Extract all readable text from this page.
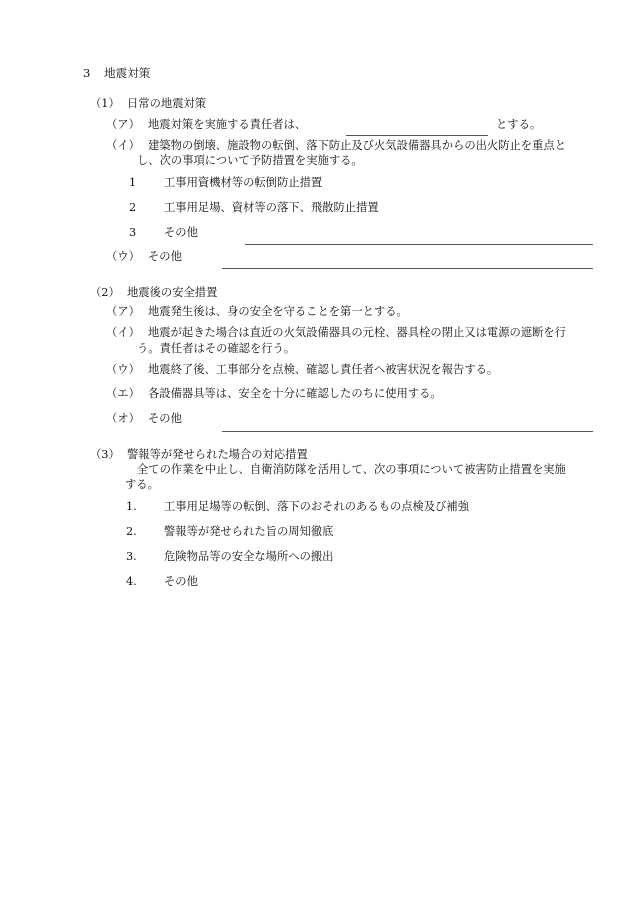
3 地震対策
（1） 日常の地震対策
（ア） 地震対策を実施する責任者は、	とする。
（イ） 建築物の倒壊、施設物の転倒、落下防止及び火気設備器具からの出火防止を重点と
し、次の事項について予防措置を実施する。
1 工事用資機材等の転倒防止措置
2 工事用足場、資材等の落下、飛散防止措置
3 その他
（ウ） その他
（2） 地震後の安全措置
（ア） 地震発生後は、身の安全を守ることを第一とする。
（イ） 地震が起きた場合は直近の火気設備器具の元栓、器具栓の閉止又は電源の遮断を行
う。責任者はその確認を行う。
（ウ） 地震終了後、工事部分を点検、確認し責任者へ被害状況を報告する。
（エ） 各設備器具等は、安全を十分に確認したのちに使用する。
（オ） その他
（3） 警報等が発せられた場合の対応措置
全ての作業を中止し、自衛消防隊を活用して、次の事項について被害防止措置を実施
する。
1. 工事用足場等の転倒、落下のおそれのあるもの点検及び補強
2. 警報等が発せられた旨の周知徹底
3. 危険物品等の安全な場所への搬出
4. その他
